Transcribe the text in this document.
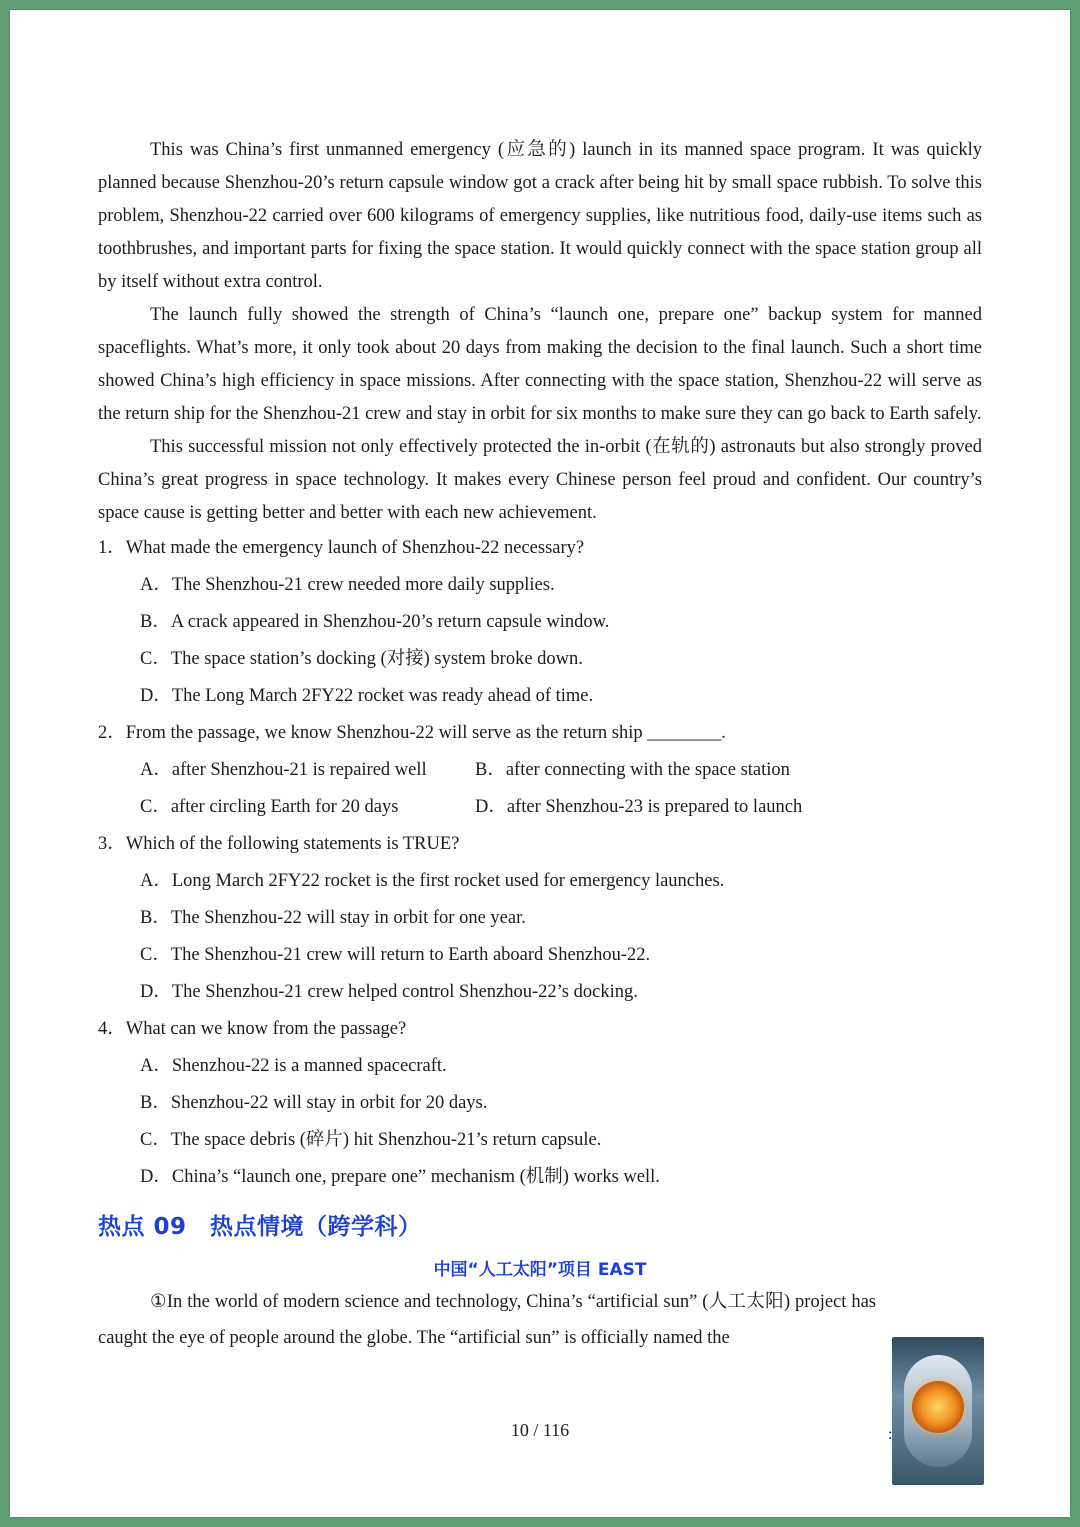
This was China’s first unmanned emergency (应急的) launch in its manned space program. It was quickly planned because Shenzhou-20’s return capsule window got a crack after being hit by small space rubbish. To solve this problem, Shenzhou-22 carried over 600 kilograms of emergency supplies, like nutritious food, daily-use items such as toothbrushes, and important parts for fixing the space station. It would quickly connect with the space station group all by itself without extra control.

The launch fully showed the strength of China’s “launch one, prepare one” backup system for manned spaceflights. What’s more, it only took about 20 days from making the decision to the final launch. Such a short time showed China’s high efficiency in space missions. After connecting with the space station, Shenzhou-22 will serve as the return ship for the Shenzhou-21 crew and stay in orbit for six months to make sure they can go back to Earth safely.

This successful mission not only effectively protected the in-orbit (在轨的) astronauts but also strongly proved China’s great progress in space technology. It makes every Chinese person feel proud and confident. Our country’s space cause is getting better and better with each new achievement.

1．What made the emergency launch of Shenzhou-22 necessary?

A．The Shenzhou-21 crew needed more daily supplies.
B．A crack appeared in Shenzhou-20’s return capsule window.
C．The space station’s docking (对接) system broke down.
D．The Long March 2FY22 rocket was ready ahead of time.

2．From the passage, we know Shenzhou-22 will serve as the return ship ________.

A．after Shenzhou-21 is repaired well	B．after connecting with the space station
C．after circling Earth for 20 days	D．after Shenzhou-23 is prepared to launch

3．Which of the following statements is TRUE?

A．Long March 2FY22 rocket is the first rocket used for emergency launches.
B．The Shenzhou-22 will stay in orbit for one year.
C．The Shenzhou-21 crew will return to Earth aboard Shenzhou-22.
D．The Shenzhou-21 crew helped control Shenzhou-22’s docking.

4．What can we know from the passage?

A．Shenzhou-22 is a manned spacecraft.
B．Shenzhou-22 will stay in orbit for 20 days.
C．The space debris (碎片) hit Shenzhou-21’s return capsule.
D．China’s “launch one, prepare one” mechanism (机制) works well.
热点 09　热点情境（跨学科）
中国“人工太阳”项目 EAST

①In the world of modern science and technology, China’s “artificial sun” (人工太阳) project has caught the eye of people around the globe. The “artificial sun” is officially named the

:
10 / 116
